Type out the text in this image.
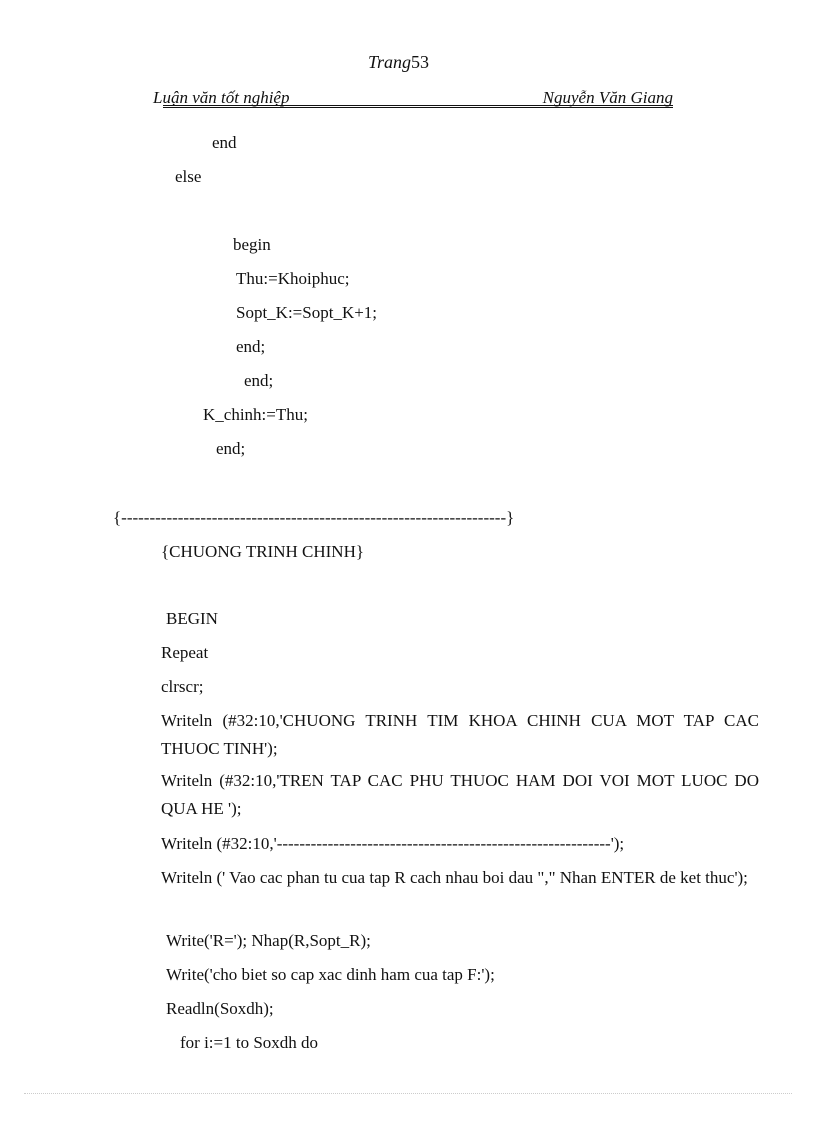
Trang53
Luận văn tốt nghiệp	Nguyễn Văn Giang
end
else
begin
Thu:=Khoiphuc;
Sopt_K:=Sopt_K+1;
end;
end;
K_chinh:=Thu;
end;
{--------------------------------------------------------------------}
{CHUONG TRINH CHINH}
BEGIN
Repeat
clrscr;
Writeln (#32:10,'CHUONG TRINH TIM KHOA CHINH CUA MOT TAP CAC THUOC TINH');
Writeln (#32:10,'TREN TAP CAC PHU THUOC HAM DOI VOI MOT LUOC DO QUA HE ');
Writeln (#32:10,'-----------------------------------------------------------');
Writeln (' Vao cac phan tu cua tap R cach nhau boi dau "," Nhan ENTER de ket thuc');
Write('R='); Nhap(R,Sopt_R);
Write('cho biet so cap xac dinh ham cua tap F:');
Readln(Soxdh);
for i:=1 to Soxdh do
